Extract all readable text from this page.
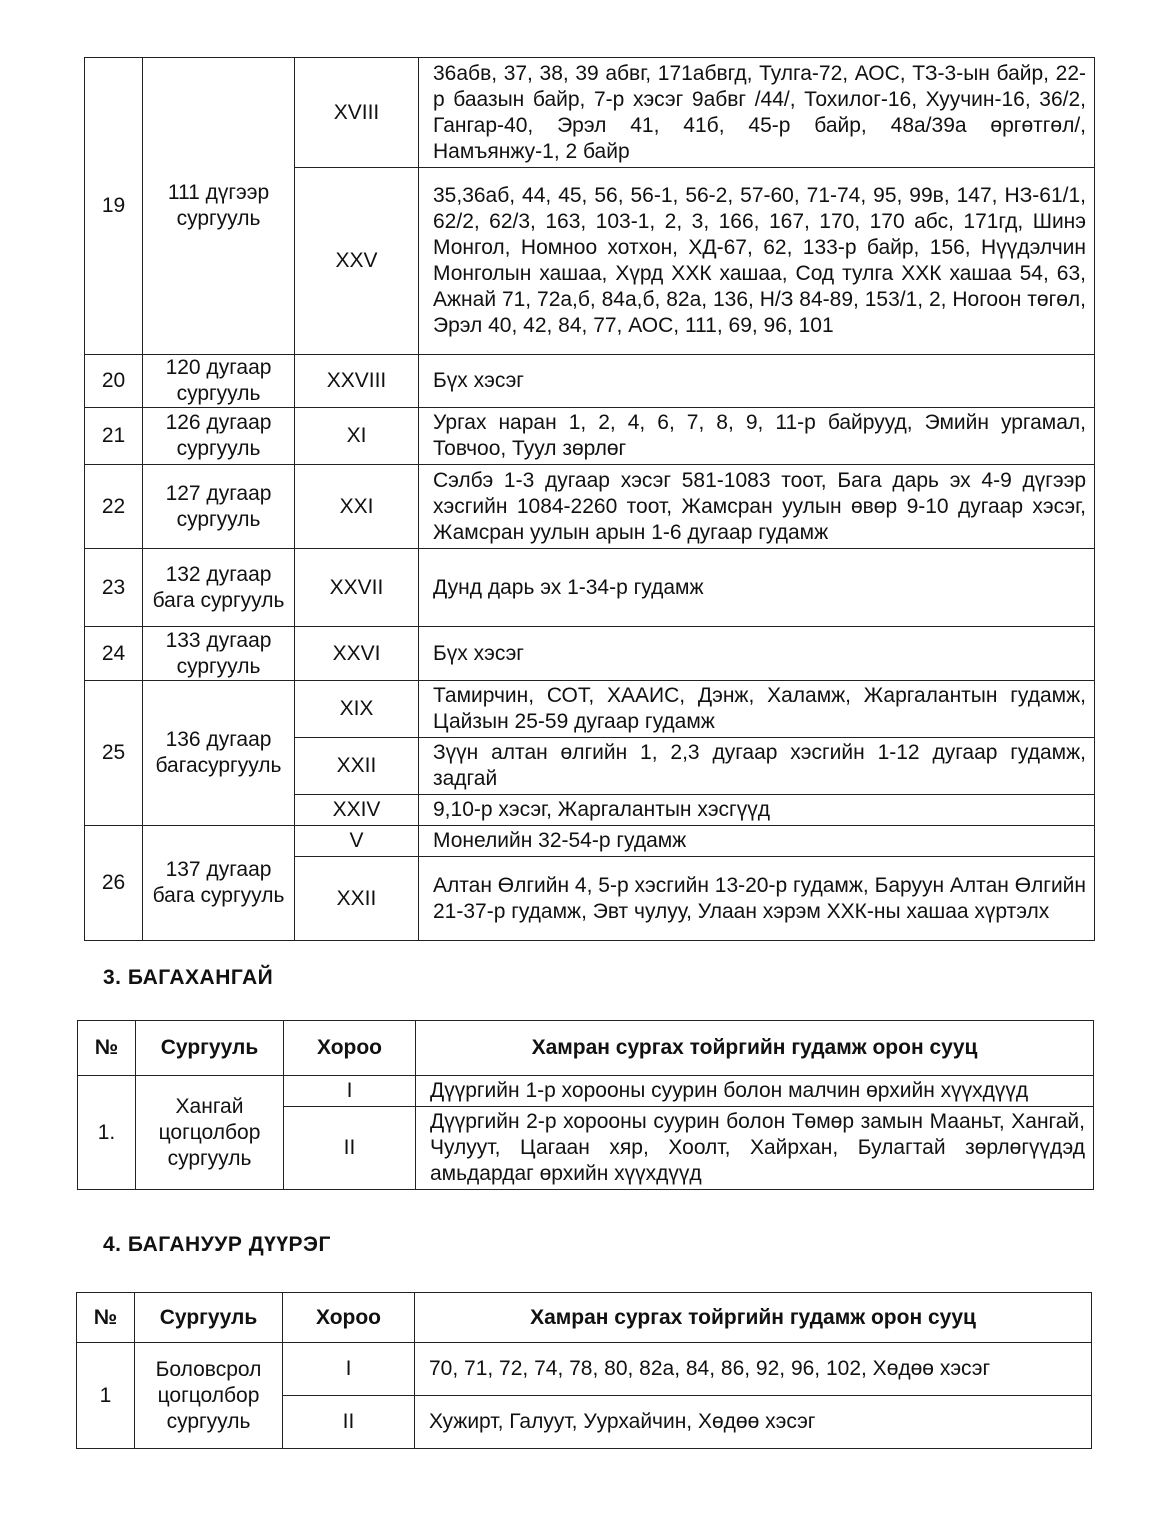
19	111 дүгээр сургууль	XVIII	36абв, 37, 38, 39 абвг, 171абвгд, Тулга-72, АОС, ТЗ-3-ын байр, 22-р баазын байр, 7-р хэсэг 9абвг /44/, Тохилог-16, Хуучин-16, 36/2, Гангар-40, Эрэл 41, 41б, 45-р байр, 48а/39а өргөтгөл/, Намъянжу-1, 2 байр
		XXV	35,36аб, 44, 45, 56, 56-1, 56-2, 57-60, 71-74, 95, 99в, 147, НЗ-61/1, 62/2, 62/3, 163, 103-1, 2, 3, 166, 167, 170, 170 абс, 171гд, Шинэ Монгол, Номноо хотхон, ХД-67, 62, 133-р байр, 156, Нүүдэлчин Монголын хашаа, Хүрд ХХК хашаа, Сод тулга ХХК хашаа 54, 63, Ажнай 71, 72а,б, 84а,б, 82а, 136, Н/З 84-89, 153/1, 2, Ногоон төгөл, Эрэл 40, 42, 84, 77, АОС, 111, 69, 96, 101
20	120 дугаар сургууль	XXVIII	Бүх хэсэг
21	126 дугаар сургууль	XI	Ургах наран 1, 2, 4, 6, 7, 8, 9, 11-р байрууд, Эмийн ургамал, Товчоо, Туул зөрлөг
22	127 дугаар сургууль	XXI	Сэлбэ 1-3 дугаар хэсэг 581-1083 тоот, Бага дарь эх 4-9 дүгээр хэсгийн 1084-2260 тоот, Жамсран уулын өвөр 9-10 дугаар хэсэг, Жамсран уулын арын 1-6 дугаар гудамж
23	132 дугаар бага сургууль	XXVII	Дунд дарь эх 1-34-р гудамж
24	133 дугаар сургууль	XXVI	Бүх хэсэг
25	136 дугаар багасургууль	XIX	Тамирчин, СОТ, ХААИС, Дэнж, Халамж, Жаргалантын гудамж, Цайзын 25-59 дугаар гудамж
		XXII	Зүүн алтан өлгийн 1, 2,3 дугаар хэсгийн 1-12 дугаар гудамж, задгай
		XXIV	9,10-р хэсэг, Жаргалантын хэсгүүд
26	137 дугаар бага сургууль	V	Монелийн 32-54-р гудамж
		XXII	Алтан Өлгийн 4, 5-р хэсгийн 13-20-р гудамж, Баруун Алтан Өлгийн 21-37-р гудамж, Эвт чулуу, Улаан хэрэм ХХК-ны хашаа хүртэлх
3. БАГАХАНГАЙ
№	Сургууль	Хороо	Хамран сургах тойргийн гудамж орон сууц
1.	Хангай цогцолбор сургууль	I	Дүүргийн 1-р хорооны суурин болон малчин өрхийн хүүхдүүд
		II	Дүүргийн 2-р хорооны суурин болон Төмөр замын Мааньт, Хангай, Чулуут, Цагаан хяр, Хоолт, Хайрхан, Булагтай зөрлөгүүдэд амьдардаг өрхийн хүүхдүүд
4. БАГАНУУР ДҮҮРЭГ
№	Сургууль	Хороо	Хамран сургах тойргийн гудамж орон сууц
1	Боловсрол цогцолбор сургууль	I	70, 71, 72, 74, 78, 80, 82а, 84, 86, 92, 96, 102, Хөдөө хэсэг
		II	Хужирт, Галуут, Уурхайчин, Хөдөө хэсэг
